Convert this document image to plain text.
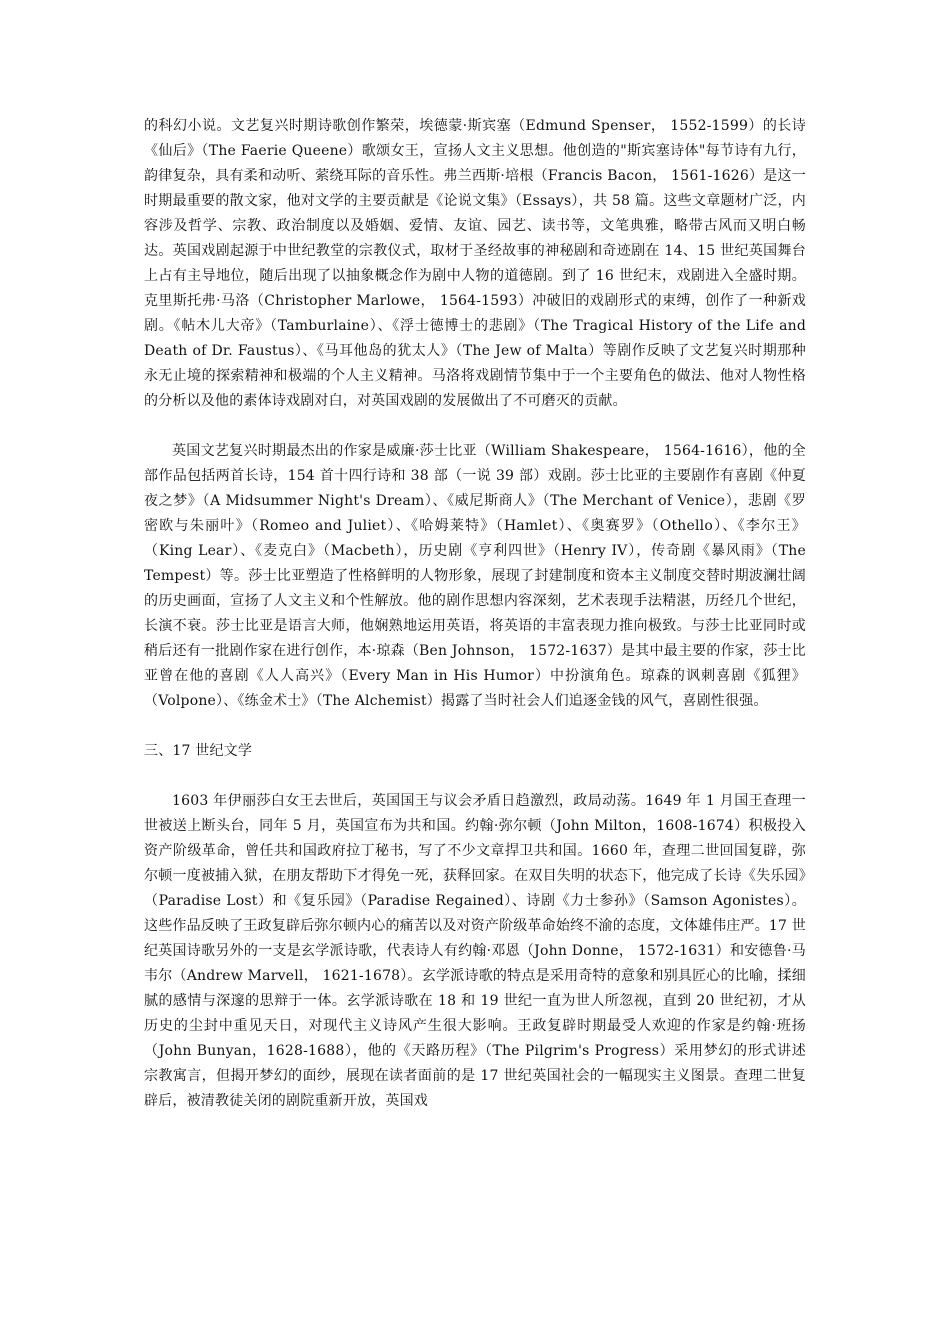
的科幻小说。文艺复兴时期诗歌创作繁荣，埃德蒙·斯宾塞（Edmund Spenser， 1552-1599）的长诗《仙后》（The Faerie Queene）歌颂女王，宣扬人文主义思想。他创造的"斯宾塞诗体"每节诗有九行，韵律复杂，具有柔和动听、萦绕耳际的音乐性。弗兰西斯·培根（Francis Bacon， 1561-1626）是这一时期最重要的散文家，他对文学的主要贡献是《论说文集》（Essays），共 58 篇。这些文章题材广泛，内容涉及哲学、宗教、政治制度以及婚姻、爱情、友谊、园艺、读书等，文笔典雅，略带古风而又明白畅达。英国戏剧起源于中世纪教堂的宗教仪式，取材于圣经故事的神秘剧和奇迹剧在 14、15 世纪英国舞台上占有主导地位，随后出现了以抽象概念作为剧中人物的道德剧。到了 16 世纪末，戏剧进入全盛时期。克里斯托弗·马洛（Christopher Marlowe， 1564-1593）冲破旧的戏剧形式的束缚，创作了一种新戏剧。《帖木儿大帝》（Tamburlaine）、《浮士德博士的悲剧》（The Tragical History of the Life and Death of Dr. Faustus）、《马耳他岛的犹太人》（The Jew of Malta）等剧作反映了文艺复兴时期那种永无止境的探索精神和极端的个人主义精神。马洛将戏剧情节集中于一个主要角色的做法、他对人物性格的分析以及他的素体诗戏剧对白，对英国戏剧的发展做出了不可磨灭的贡献。

英国文艺复兴时期最杰出的作家是威廉·莎士比亚（William Shakespeare， 1564-1616），他的全部作品包括两首长诗，154 首十四行诗和 38 部（一说 39 部）戏剧。莎士比亚的主要剧作有喜剧《仲夏夜之梦》（A Midsummer Night's Dream）、《威尼斯商人》（The Merchant of Venice），悲剧《罗密欧与朱丽叶》（Romeo and Juliet）、《哈姆莱特》（Hamlet）、《奥赛罗》（Othello）、《李尔王》（King Lear）、《麦克白》（Macbeth），历史剧《亨利四世》（Henry IV），传奇剧《暴风雨》（The Tempest）等。莎士比亚塑造了性格鲜明的人物形象，展现了封建制度和资本主义制度交替时期波澜壮阔的历史画面，宣扬了人文主义和个性解放。他的剧作思想内容深刻，艺术表现手法精湛，历经几个世纪，长演不衰。莎士比亚是语言大师，他娴熟地运用英语，将英语的丰富表现力推向极致。与莎士比亚同时或稍后还有一批剧作家在进行创作，本·琼森（Ben Johnson， 1572-1637）是其中最主要的作家，莎士比亚曾在他的喜剧《人人高兴》（Every Man in His Humor）中扮演角色。琼森的讽刺喜剧《狐狸》（Volpone）、《练金术士》（The Alchemist）揭露了当时社会人们追逐金钱的风气，喜剧性很强。

三、17 世纪文学

1603 年伊丽莎白女王去世后，英国国王与议会矛盾日趋激烈，政局动荡。1649 年 1 月国王查理一世被送上断头台，同年 5 月，英国宣布为共和国。约翰·弥尔顿（John Milton，1608-1674）积极投入资产阶级革命，曾任共和国政府拉丁秘书，写了不少文章捍卫共和国。1660 年，查理二世回国复辟，弥尔顿一度被捕入狱，在朋友帮助下才得免一死，获释回家。在双目失明的状态下，他完成了长诗《失乐园》（Paradise Lost）和《复乐园》（Paradise Regained）、诗剧《力士参孙》（Samson Agonistes）。这些作品反映了王政复辟后弥尔顿内心的痛苦以及对资产阶级革命始终不渝的态度，文体雄伟庄严。17 世纪英国诗歌另外的一支是玄学派诗歌，代表诗人有约翰·邓恩（John Donne， 1572-1631）和安德鲁·马韦尔（Andrew Marvell， 1621-1678）。玄学派诗歌的特点是采用奇特的意象和别具匠心的比喻，揉细腻的感情与深邃的思辩于一体。玄学派诗歌在 18 和 19 世纪一直为世人所忽视，直到 20 世纪初，才从历史的尘封中重见天日，对现代主义诗风产生很大影响。王政复辟时期最受人欢迎的作家是约翰·班扬（John Bunyan，1628-1688），他的《天路历程》（The Pilgrim's Progress）采用梦幻的形式讲述宗教寓言，但揭开梦幻的面纱，展现在读者面前的是 17 世纪英国社会的一幅现实主义图景。查理二世复辟后，被清教徒关闭的剧院重新开放，英国戏
